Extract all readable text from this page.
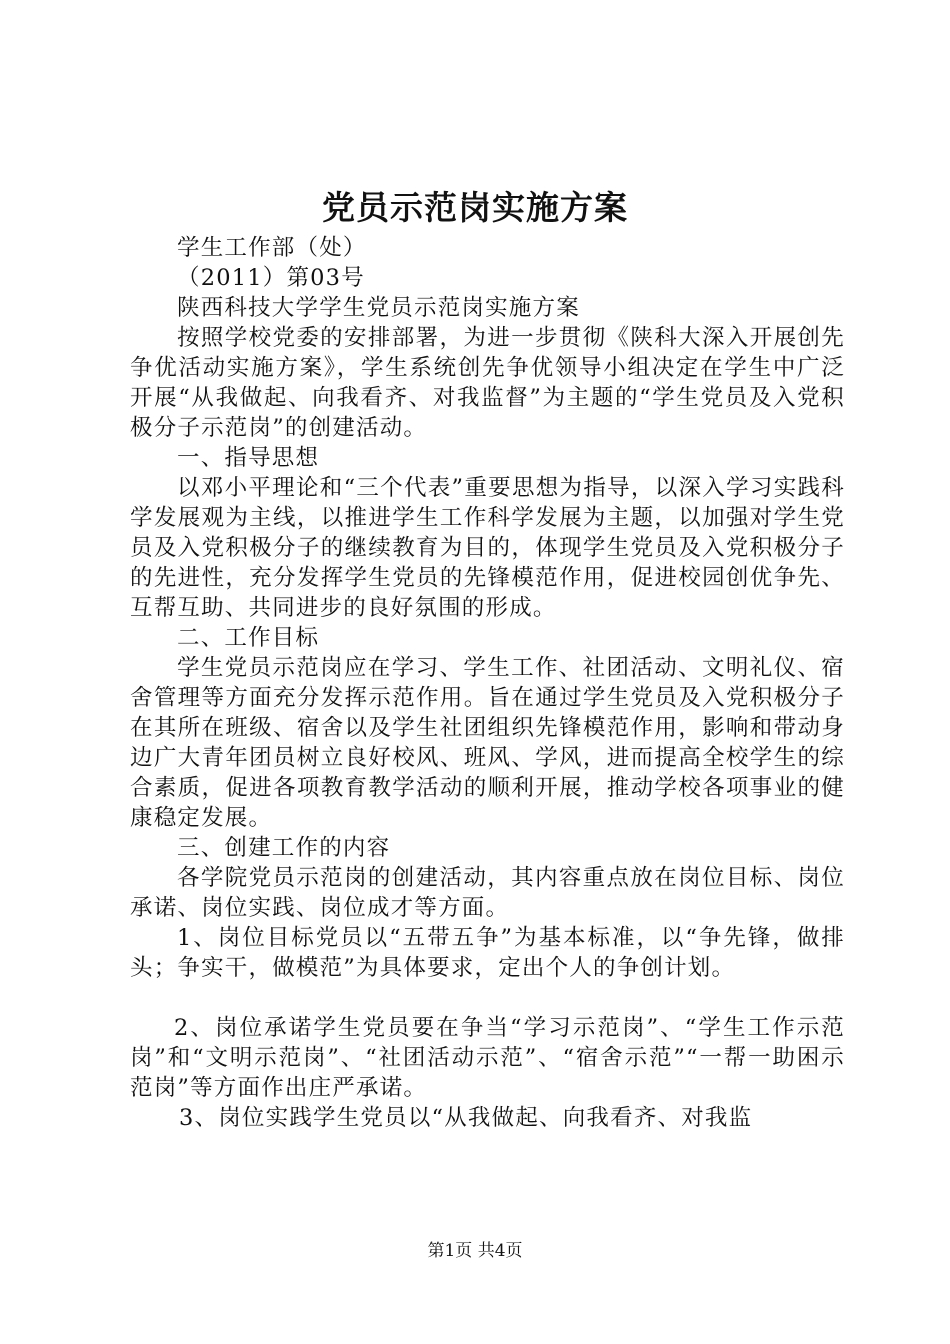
党员示范岗实施方案

学生工作部（处）

（2011）第03号

陕西科技大学学生党员示范岗实施方案

按照学校党委的安排部署，为进一步贯彻《陕科大深入开展创先争优活动实施方案》，学生系统创先争优领导小组决定在学生中广泛开展“从我做起、向我看齐、对我监督”为主题的“学生党员及入党积极分子示范岗”的创建活动。

一、指导思想

以邓小平理论和“三个代表”重要思想为指导，以深入学习实践科学发展观为主线，以推进学生工作科学发展为主题，以加强对学生党员及入党积极分子的继续教育为目的，体现学生党员及入党积极分子的先进性，充分发挥学生党员的先锋模范作用，促进校园创优争先、互帮互助、共同进步的良好氛围的形成。

二、工作目标

学生党员示范岗应在学习、学生工作、社团活动、文明礼仪、宿舍管理等方面充分发挥示范作用。旨在通过学生党员及入党积极分子在其所在班级、宿舍以及学生社团组织先锋模范作用，影响和带动身边广大青年团员树立良好校风、班风、学风，进而提高全校学生的综合素质，促进各项教育教学活动的顺利开展，推动学校各项事业的健康稳定发展。

三、创建工作的内容

各学院党员示范岗的创建活动，其内容重点放在岗位目标、岗位承诺、岗位实践、岗位成才等方面。

1、岗位目标党员以“五带五争”为基本标准，以“争先锋，做排头；争实干，做模范”为具体要求，定出个人的争创计划。

2、岗位承诺学生党员要在争当“学习示范岗”、“学生工作示范岗”和“文明示范岗”、“社团活动示范”、“宿舍示范”“一帮一助困示范岗”等方面作出庄严承诺。

3、岗位实践学生党员以“从我做起、向我看齐、对我监

第1页 共4页
